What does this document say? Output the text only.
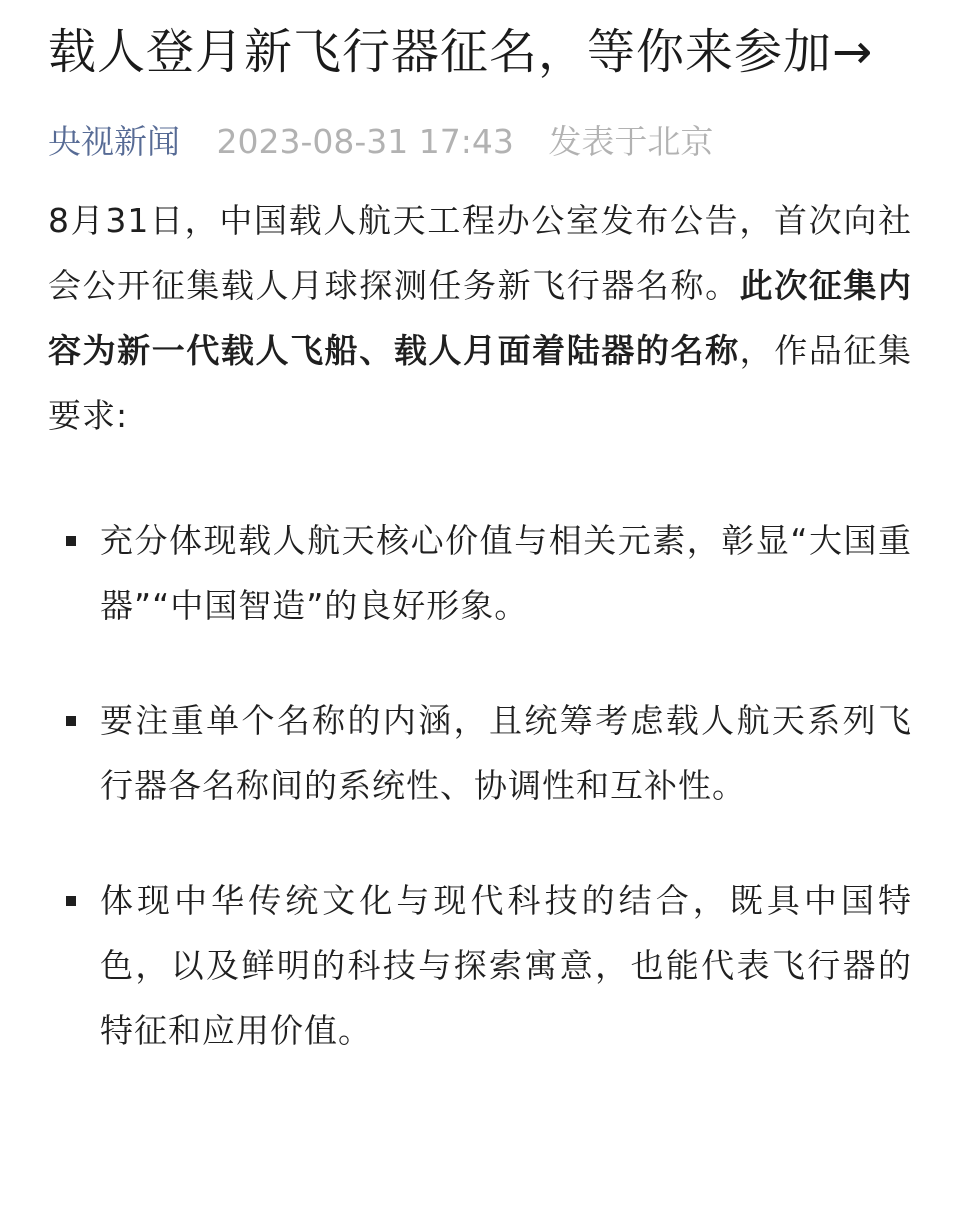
载人登月新飞行器征名，等你来参加→
央视新闻 2023-08-31 17:43 发表于北京

8月31日，中国载人航天工程办公室发布公告，首次向社会公开征集载人月球探测任务新飞行器名称。此次征集内容为新一代载人飞船、载人月面着陆器的名称，作品征集要求:

充分体现载人航天核心价值与相关元素，彰显“大国重器”“中国智造”的良好形象。
要注重单个名称的内涵，且统筹考虑载人航天系列飞行器各名称间的系统性、协调性和互补性。
体现中华传统文化与现代科技的结合，既具中国特色，以及鲜明的科技与探索寓意，也能代表飞行器的特征和应用价值。
